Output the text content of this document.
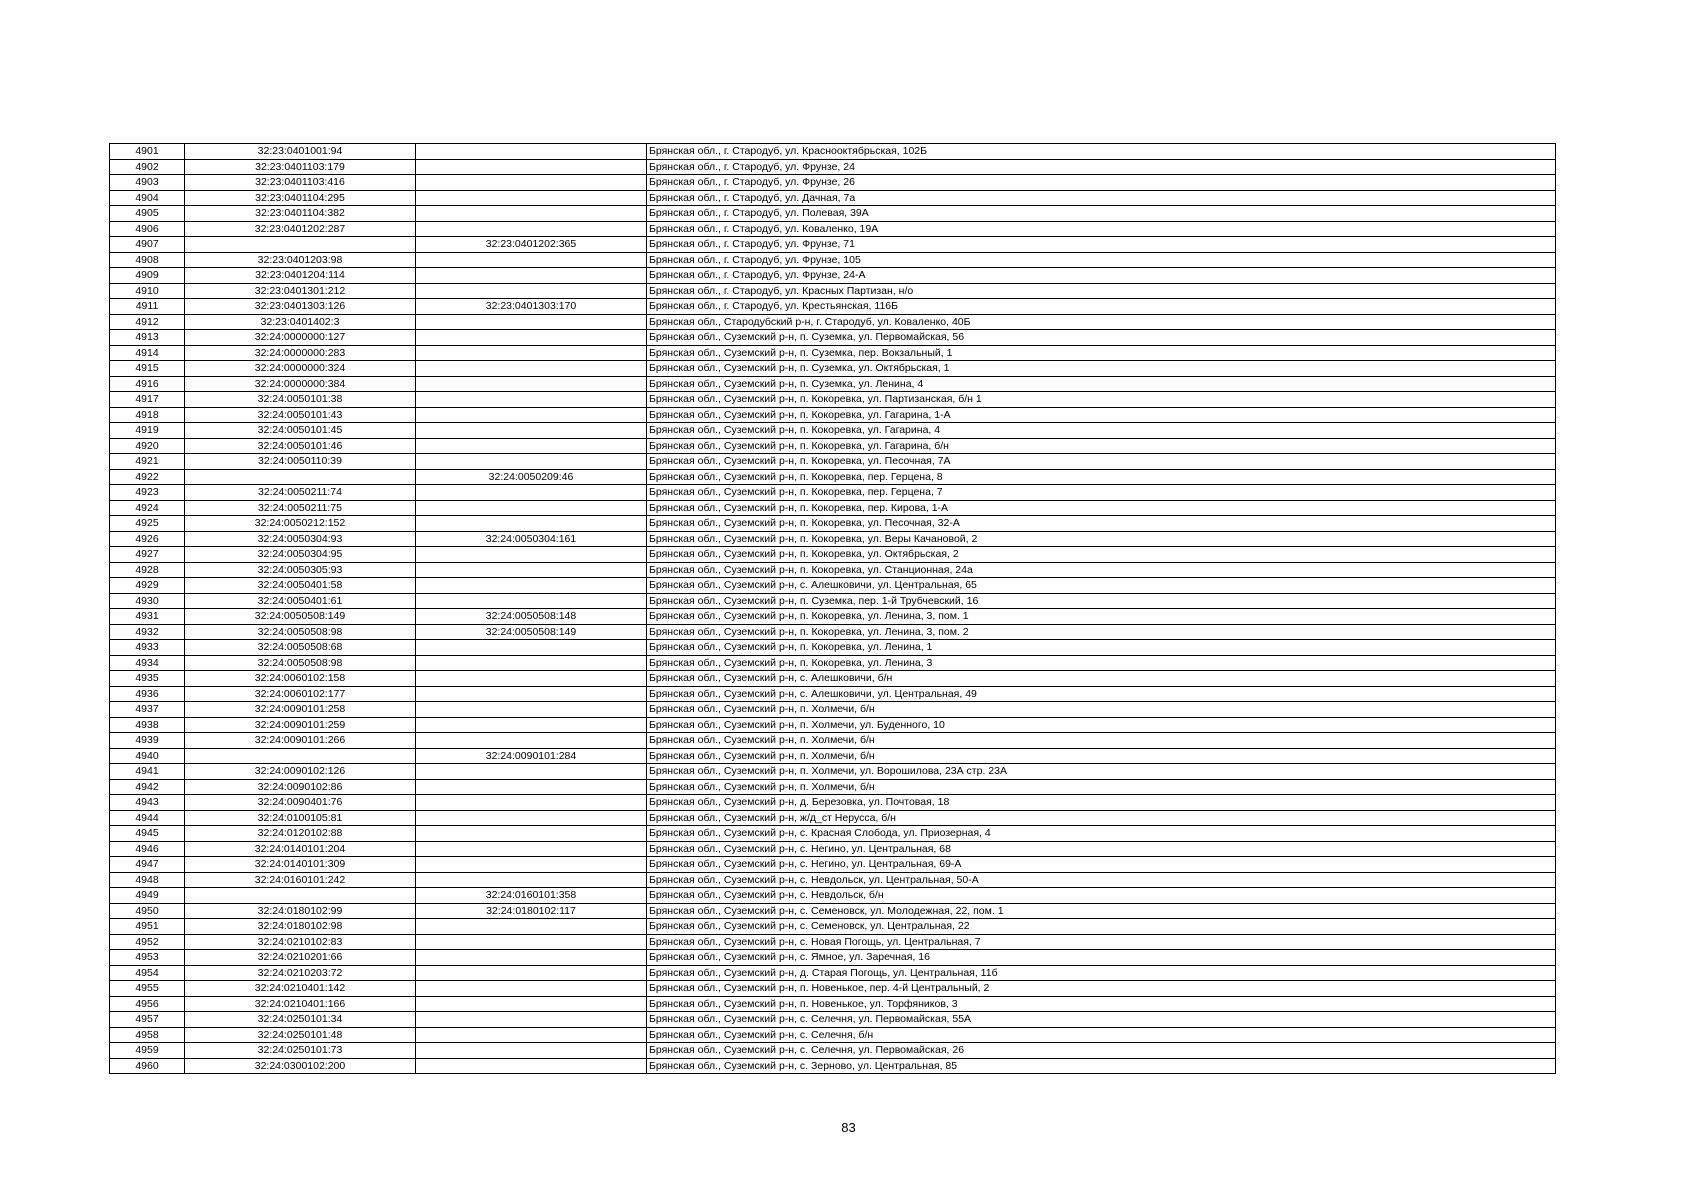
4901	32:23:0401001:94		Брянская обл., г. Стародуб, ул. Краснооктябрьская, 102Б
4902	32:23:0401103:179		Брянская обл., г. Стародуб, ул. Фрунзе, 24
4903	32:23:0401103:416		Брянская обл., г. Стародуб, ул. Фрунзе, 26
4904	32:23:0401104:295		Брянская обл., г. Стародуб, ул. Дачная, 7а
4905	32:23:0401104:382		Брянская обл., г. Стародуб, ул. Полевая, 39А
4906	32:23:0401202:287		Брянская обл., г. Стародуб, ул. Коваленко, 19А
4907		32:23:0401202:365	Брянская обл., г. Стародуб, ул. Фрунзе, 71
4908	32:23:0401203:98		Брянская обл., г. Стародуб, ул. Фрунзе, 105
4909	32:23:0401204:114		Брянская обл., г. Стародуб, ул. Фрунзе, 24-А
4910	32:23:0401301:212		Брянская обл., г. Стародуб, ул. Красных Партизан, н/о
4911	32:23:0401303:126	32:23:0401303:170	Брянская обл., г. Стародуб, ул. Крестьянская, 116Б
4912	32:23:0401402:3		Брянская обл., Стародубский р-н, г. Стародуб, ул. Коваленко, 40Б
4913	32:24:0000000:127		Брянская обл., Суземский р-н, п. Суземка, ул. Первомайская, 56
4914	32:24:0000000:283		Брянская обл., Суземский р-н, п. Суземка, пер. Вокзальный, 1
4915	32:24:0000000:324		Брянская обл., Суземский р-н, п. Суземка, ул. Октябрьская, 1
4916	32:24:0000000:384		Брянская обл., Суземский р-н, п. Суземка, ул. Ленина, 4
4917	32:24:0050101:38		Брянская обл., Суземский р-н, п. Кокоревка, ул. Партизанская, б/н 1
4918	32:24:0050101:43		Брянская обл., Суземский р-н, п. Кокоревка, ул. Гагарина, 1-А
4919	32:24:0050101:45		Брянская обл., Суземский р-н, п. Кокоревка, ул. Гагарина, 4
4920	32:24:0050101:46		Брянская обл., Суземский р-н, п. Кокоревка, ул. Гагарина, б/н
4921	32:24:0050110:39		Брянская обл., Суземский р-н, п. Кокоревка, ул. Песочная, 7А
4922		32:24:0050209:46	Брянская обл., Суземский р-н, п. Кокоревка, пер. Герцена, 8
4923	32:24:0050211:74		Брянская обл., Суземский р-н, п. Кокоревка, пер. Герцена, 7
4924	32:24:0050211:75		Брянская обл., Суземский р-н, п. Кокоревка, пер. Кирова, 1-А
4925	32:24:0050212:152		Брянская обл., Суземский р-н, п. Кокоревка, ул. Песочная, 32-А
4926	32:24:0050304:93	32:24:0050304:161	Брянская обл., Суземский р-н, п. Кокоревка, ул. Веры Качановой, 2
4927	32:24:0050304:95		Брянская обл., Суземский р-н, п. Кокоревка, ул. Октябрьская, 2
4928	32:24:0050305:93		Брянская обл., Суземский р-н, п. Кокоревка, ул. Станционная, 24а
4929	32:24:0050401:58		Брянская обл., Суземский р-н, с. Алешковичи, ул. Центральная, 65
4930	32:24:0050401:61		Брянская обл., Суземский р-н, п. Суземка, пер. 1-й Трубчевский, 16
4931	32:24:0050508:149	32:24:0050508:148	Брянская обл., Суземский р-н, п. Кокоревка, ул. Ленина, 3, пом. 1
4932	32:24:0050508:98	32:24:0050508:149	Брянская обл., Суземский р-н, п. Кокоревка, ул. Ленина, 3, пом. 2
4933	32:24:0050508:68		Брянская обл., Суземский р-н, п. Кокоревка, ул. Ленина, 1
4934	32:24:0050508:98		Брянская обл., Суземский р-н, п. Кокоревка, ул. Ленина, 3
4935	32:24:0060102:158		Брянская обл., Суземский р-н, с. Алешковичи, б/н
4936	32:24:0060102:177		Брянская обл., Суземский р-н, с. Алешковичи, ул. Центральная, 49
4937	32:24:0090101:258		Брянская обл., Суземский р-н, п. Холмечи, б/н
4938	32:24:0090101:259		Брянская обл., Суземский р-н, п. Холмечи, ул. Буденного, 10
4939	32:24:0090101:266		Брянская обл., Суземский р-н, п. Холмечи, б/н
4940		32:24:0090101:284	Брянская обл., Суземский р-н, п. Холмечи, б/н
4941	32:24:0090102:126		Брянская обл., Суземский р-н, п. Холмечи, ул. Ворошилова, 23А стр. 23А
4942	32:24:0090102:86		Брянская обл., Суземский р-н, п. Холмечи, б/н
4943	32:24:0090401:76		Брянская обл., Суземский р-н, д. Березовка, ул. Почтовая, 18
4944	32:24:0100105:81		Брянская обл., Суземский р-н, ж/д_ст Нерусса, б/н
4945	32:24:0120102:88		Брянская обл., Суземский р-н, с. Красная Слобода, ул. Приозерная, 4
4946	32:24:0140101:204		Брянская обл., Суземский р-н, с. Негино, ул. Центральная, 68
4947	32:24:0140101:309		Брянская обл., Суземский р-н, с. Негино, ул. Центральная, 69-А
4948	32:24:0160101:242		Брянская обл., Суземский р-н, с. Невдольск, ул. Центральная, 50-А
4949		32:24:0160101:358	Брянская обл., Суземский р-н, с. Невдольск, б/н
4950	32:24:0180102:99	32:24:0180102:117	Брянская обл., Суземский р-н, с. Семеновск, ул. Молодежная, 22, пом. 1
4951	32:24:0180102:98		Брянская обл., Суземский р-н, с. Семеновск, ул. Центральная, 22
4952	32:24:0210102:83		Брянская обл., Суземский р-н, с. Новая Погощь, ул. Центральная, 7
4953	32:24:0210201:66		Брянская обл., Суземский р-н, с. Ямное, ул. Заречная, 16
4954	32:24:0210203:72		Брянская обл., Суземский р-н, д. Старая Погощь, ул. Центральная, 11б
4955	32:24:0210401:142		Брянская обл., Суземский р-н, п. Новенькое, пер. 4-й Центральный, 2
4956	32:24:0210401:166		Брянская обл., Суземский р-н, п. Новенькое, ул. Торфяников, 3
4957	32:24:0250101:34		Брянская обл., Суземский р-н, с. Селечня, ул. Первомайская, 55А
4958	32:24:0250101:48		Брянская обл., Суземский р-н, с. Селечня, б/н
4959	32:24:0250101:73		Брянская обл., Суземский р-н, с. Селечня, ул. Первомайская, 26
4960	32:24:0300102:200		Брянская обл., Суземский р-н, с. Зерново, ул. Центральная, 85
83
